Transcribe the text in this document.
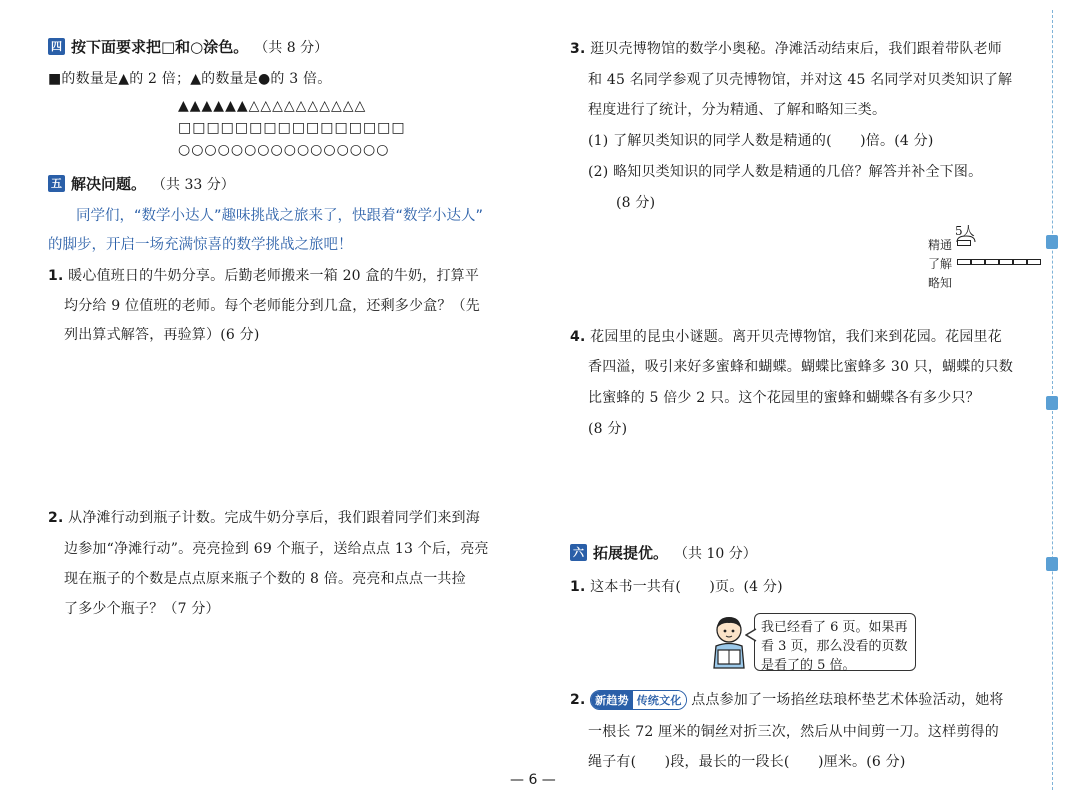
四 按下面要求把□和○涂色。 （共 8 分）
■的数量是▲的 2 倍；▲的数量是●的 3 倍。
▲▲▲▲▲▲△△△△△△△△△△
□□□□□□□□□□□□□□□□
○○○○○○○○○○○○○○○○
五 解决问题。 （共 33 分）
同学们，“数学小达人”趣味挑战之旅来了，快跟着“数学小达人”
的脚步，开启一场充满惊喜的数学挑战之旅吧！
1. 暖心值班日的牛奶分享。后勤老师搬来一箱 20 盒的牛奶，打算平
均分给 9 位值班的老师。每个老师能分到几盒，还剩多少盒？（先
列出算式解答，再验算）(6 分)
2. 从净滩行动到瓶子计数。完成牛奶分享后，我们跟着同学们来到海
边参加“净滩行动”。亮亮捡到 69 个瓶子，送给点点 13 个后，亮亮
现在瓶子的个数是点点原来瓶子个数的 8 倍。亮亮和点点一共捡
了多少个瓶子？（7 分）
3. 逛贝壳博物馆的数学小奥秘。净滩活动结束后，我们跟着带队老师
和 45 名同学参观了贝壳博物馆，并对这 45 名同学对贝类知识了解
程度进行了统计，分为精通、了解和略知三类。
(1) 了解贝类知识的同学人数是精通的(　　)倍。(4 分)
(2) 略知贝类知识的同学人数是精通的几倍？解答并补全下图。
(8 分)
5人
精通
了解
略知
4. 花园里的昆虫小谜题。离开贝壳博物馆，我们来到花园。花园里花
香四溢，吸引来好多蜜蜂和蝴蝶。蝴蝶比蜜蜂多 30 只，蝴蝶的只数
比蜜蜂的 5 倍少 2 只。这个花园里的蜜蜂和蝴蝶各有多少只？
(8 分)
六 拓展提优。 （共 10 分）
1. 这本书一共有(　　)页。(4 分)
我已经看了 6 页。如果再
看 3 页，那么没看的页数
是看了的 5 倍。
2. 新趋势 传统文化 点点参加了一场掐丝珐琅杯垫艺术体验活动，她将
一根长 72 厘米的铜丝对折三次，然后从中间剪一刀。这样剪得的
绳子有(　　)段，最长的一段长(　　)厘米。(6 分)
— 6 —
